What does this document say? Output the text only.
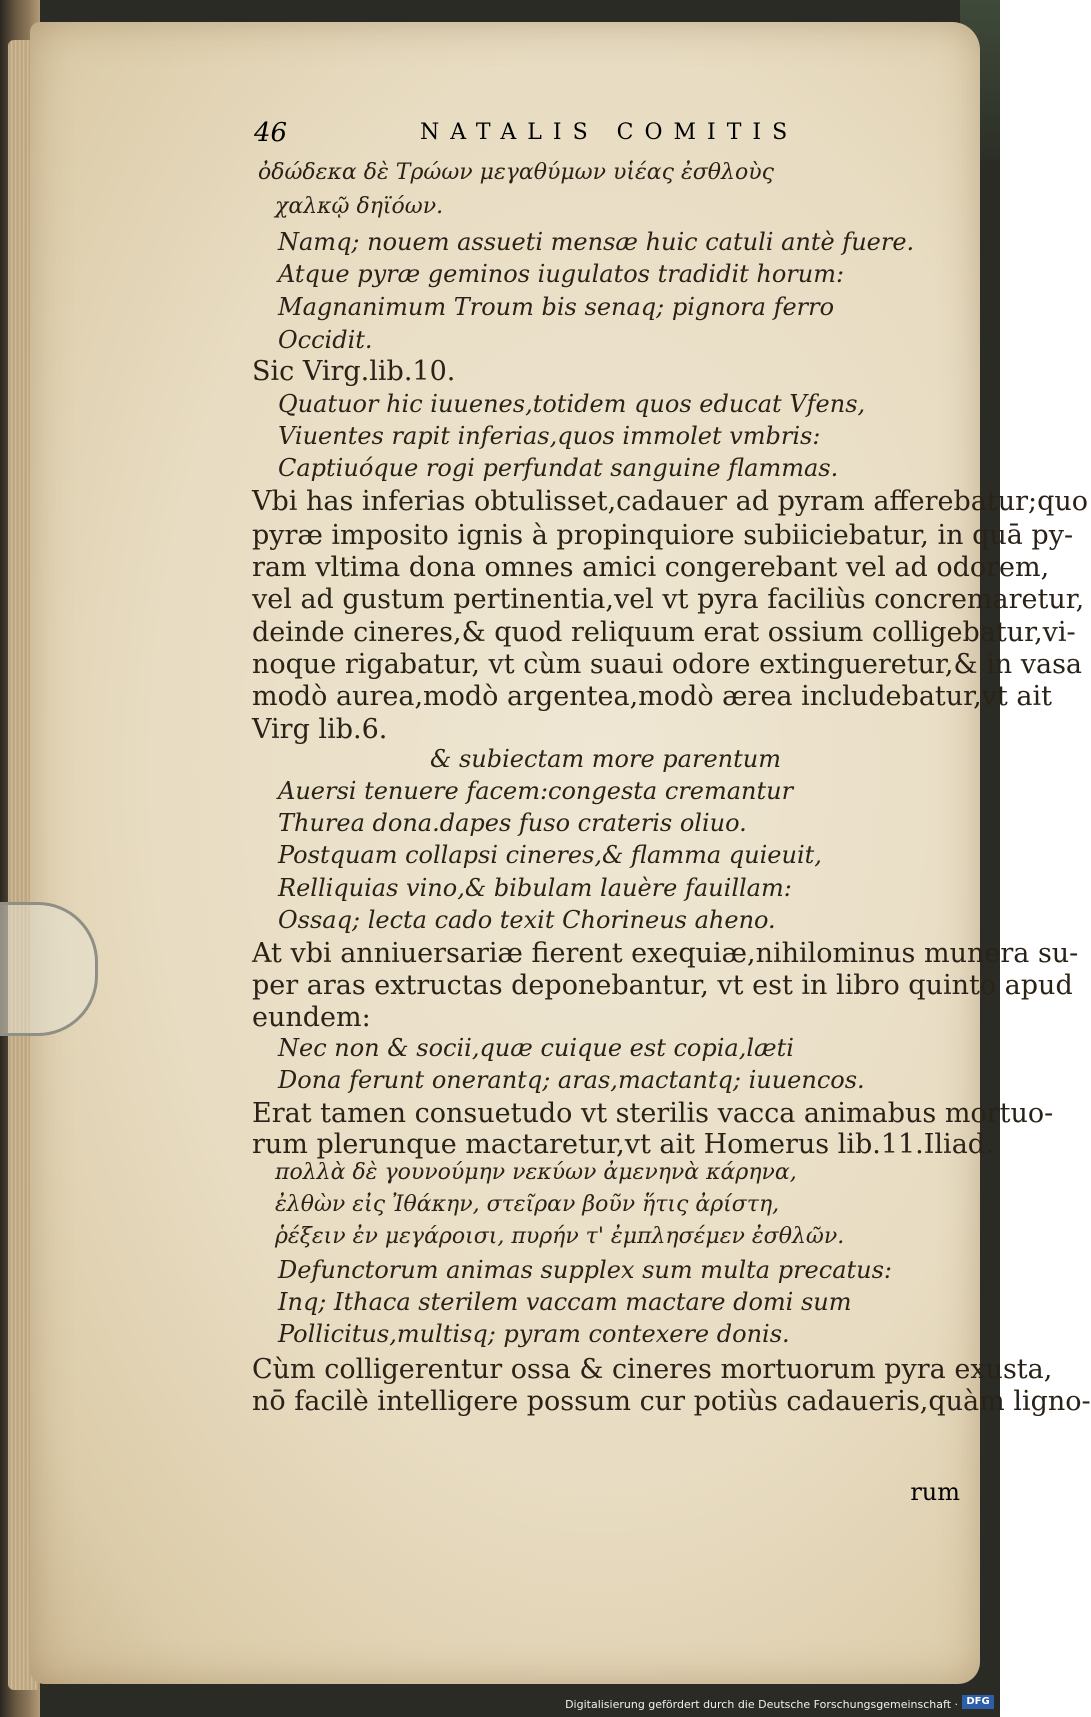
46	NATALIS COMITIS
ὀδώδεκα δὲ Τρώων μεγαθύμων υἱέας ἐσθλοὺς
χαλκῷ δηϊόων.
Namq; nouem assueti mensæ huic catuli antè fuere.
Atque pyræ geminos iugulatos tradidit horum:
Magnanimum Troum bis senaq; pignora ferro
Occidit.
Sic Virg.lib.10.
Quatuor hic iuuenes,totidem quos educat Vfens,
Viuentes rapit inferias,quos immolet vmbris:
Captiuóque rogi perfundat sanguine flammas.
Vbi has inferias obtulisset,cadauer ad pyram afferebatur;quo
pyræ imposito ignis à propinquiore subiiciebatur, in quā py-
ram vltima dona omnes amici congerebant vel ad odorem,
vel ad gustum pertinentia,vel vt pyra faciliùs concremaretur,
deinde cineres,& quod reliquum erat ossium colligebatur,vi-
noque rigabatur, vt cùm suaui odore extingueretur,& in vasa
modò aurea,modò argentea,modò ærea includebatur,vt ait
Virg lib.6.
& subiectam more parentum
Auersi tenuere facem:congesta cremantur
Thurea dona.dapes fuso crateris oliuo.
Postquam collapsi cineres,& flamma quieuit,
Relliquias vino,& bibulam lauère fauillam:
Ossaq; lecta cado texit Chorineus aheno.
At vbi anniuersariæ fierent exequiæ,nihilominus munera su-
per aras extructas deponebantur, vt est in libro quinto apud
eundem:
Nec non & socii,quæ cuique est copia,læti
Dona ferunt onerantq; aras,mactantq; iuuencos.
Erat tamen consuetudo vt sterilis vacca animabus mortuo-
rum plerunque mactaretur,vt ait Homerus lib.11.Iliad.
πολλὰ δὲ γουνούμην νεκύων ἀμενηνὰ κάρηνα,
ἐλθὼν εἰς Ἰθάκην, στεῖραν βοῦν ἥτις ἀρίστη,
ῥέξειν ἐν μεγάροισι, πυρήν τ' ἐμπλησέμεν ἐσθλῶν.
Defunctorum animas supplex sum multa precatus:
Inq; Ithaca sterilem vaccam mactare domi sum
Pollicitus,multisq; pyram contexere donis.
Cùm colligerentur ossa & cineres mortuorum pyra exusta,
nō facilè intelligere possum cur potiùs cadaueris,quàm ligno-
rum
Digitalisierung gefördert durch die Deutsche Forschungsgemeinschaft · DFG
